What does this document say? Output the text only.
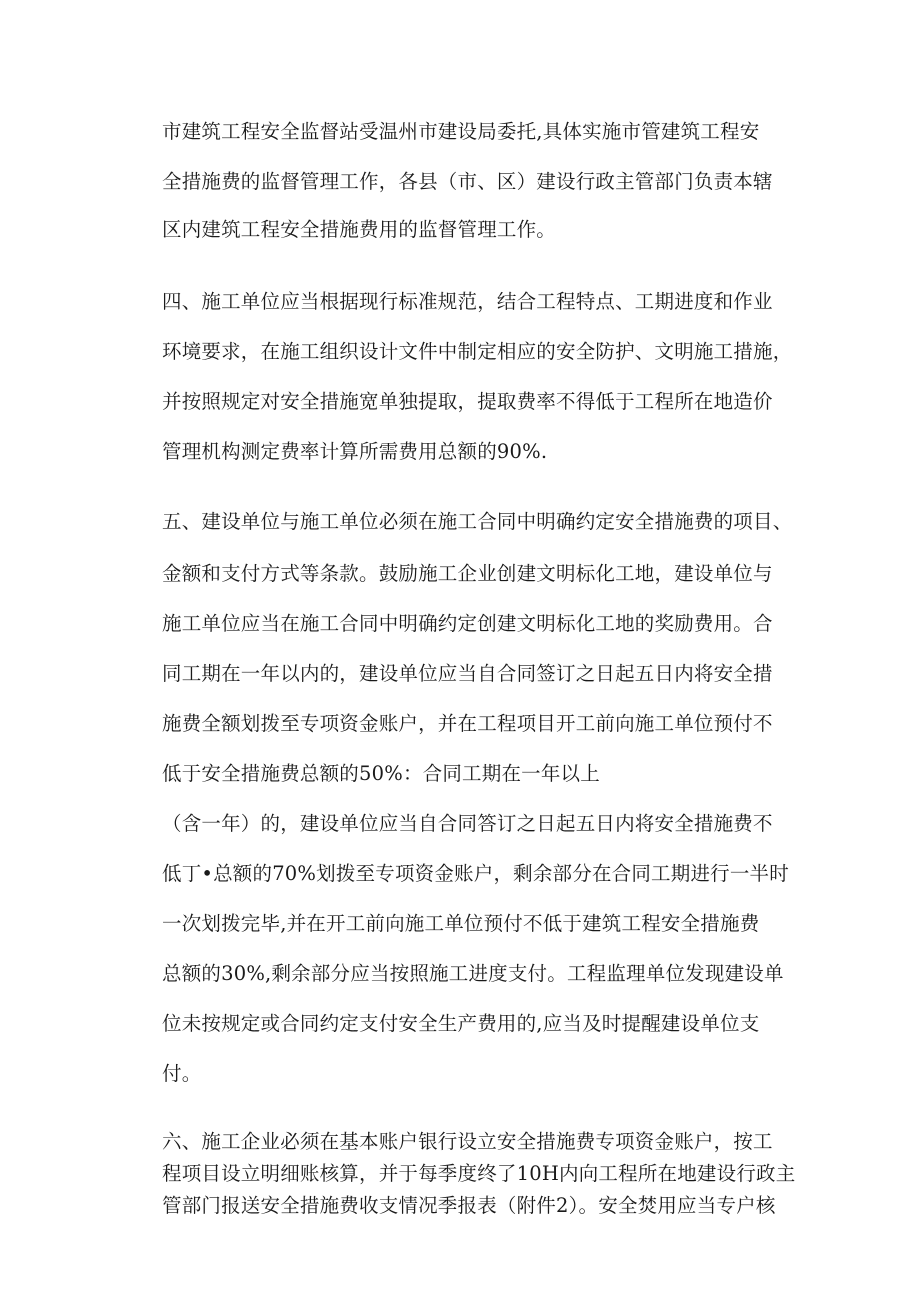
市建筑工程安全监督站受温州市建设局委托,具体实施市管建筑工程安
全措施费的监督管理工作，各县（市、区）建设行政主管部门负责本辖
区内建筑工程安全措施费用的监督管理工作。
四、施工单位应当根据现行标准规范，结合工程特点、工期进度和作业
环境要求，在施工组织设计文件中制定相应的安全防护、文明施工措施，
并按照规定对安全措施宽单独提取，提取费率不得低于工程所在地造价
管理机构测定费率计算所需费用总额的90%.
五、建设单位与施工单位必须在施工合同中明确约定安全措施费的项目、
金额和支付方式等条款。鼓励施工企业创建文明标化工地，建设单位与
施工单位应当在施工合同中明确约定创建文明标化工地的奖励费用。合
同工期在一年以内的，建设单位应当自合同签订之日起五日内将安全措
施费全额划拨至专项资金账户，并在工程项目开工前向施工单位预付不
低于安全措施费总额的50%：合同工期在一年以上
（含一年）的，建设单位应当自合同答订之日起五日内将安全措施费不
低丁•总额的70%划拨至专项资金账户，剩余部分在合同工期进行一半时
一次划拨完毕,并在开工前向施工单位预付不低于建筑工程安全措施费
总额的30%,剩余部分应当按照施工进度支付。工程监理单位发现建设单
位未按规定或合同约定支付安全生产费用的,应当及时提醒建设单位支
付。
六、施工企业必须在基本账户银行设立安全措施费专项资金账户，按工
程项目设立明细账核算，并于每季度终了10H内向工程所在地建设行政主
管部门报送安全措施费收支情况季报表（附件2）。安全焚用应当专户核
